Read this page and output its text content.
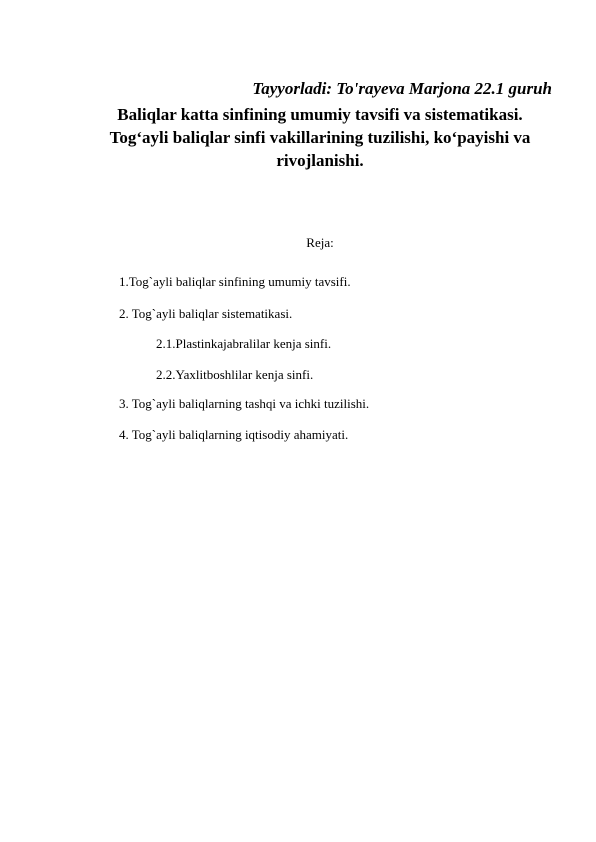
Tayyorladi: To'rayeva Marjona 22.1 guruh
Baliqlar katta sinfining umumiy tavsifi va sistematikasi.
Tog‘ayli baliqlar sinfi vakillarining tuzilishi, ko‘payishi va
rivojlanishi.
Reja:
1.Tog`ayli baliqlar sinfining umumiy tavsifi.
2. Tog`ayli baliqlar sistematikasi.
2.1.Plastinkajabralilar kenja sinfi.
2.2.Yaxlitboshlilar kenja sinfi.
3. Tog`ayli baliqlarning tashqi va ichki tuzilishi.
4. Tog`ayli baliqlarning iqtisodiy ahamiyati.
